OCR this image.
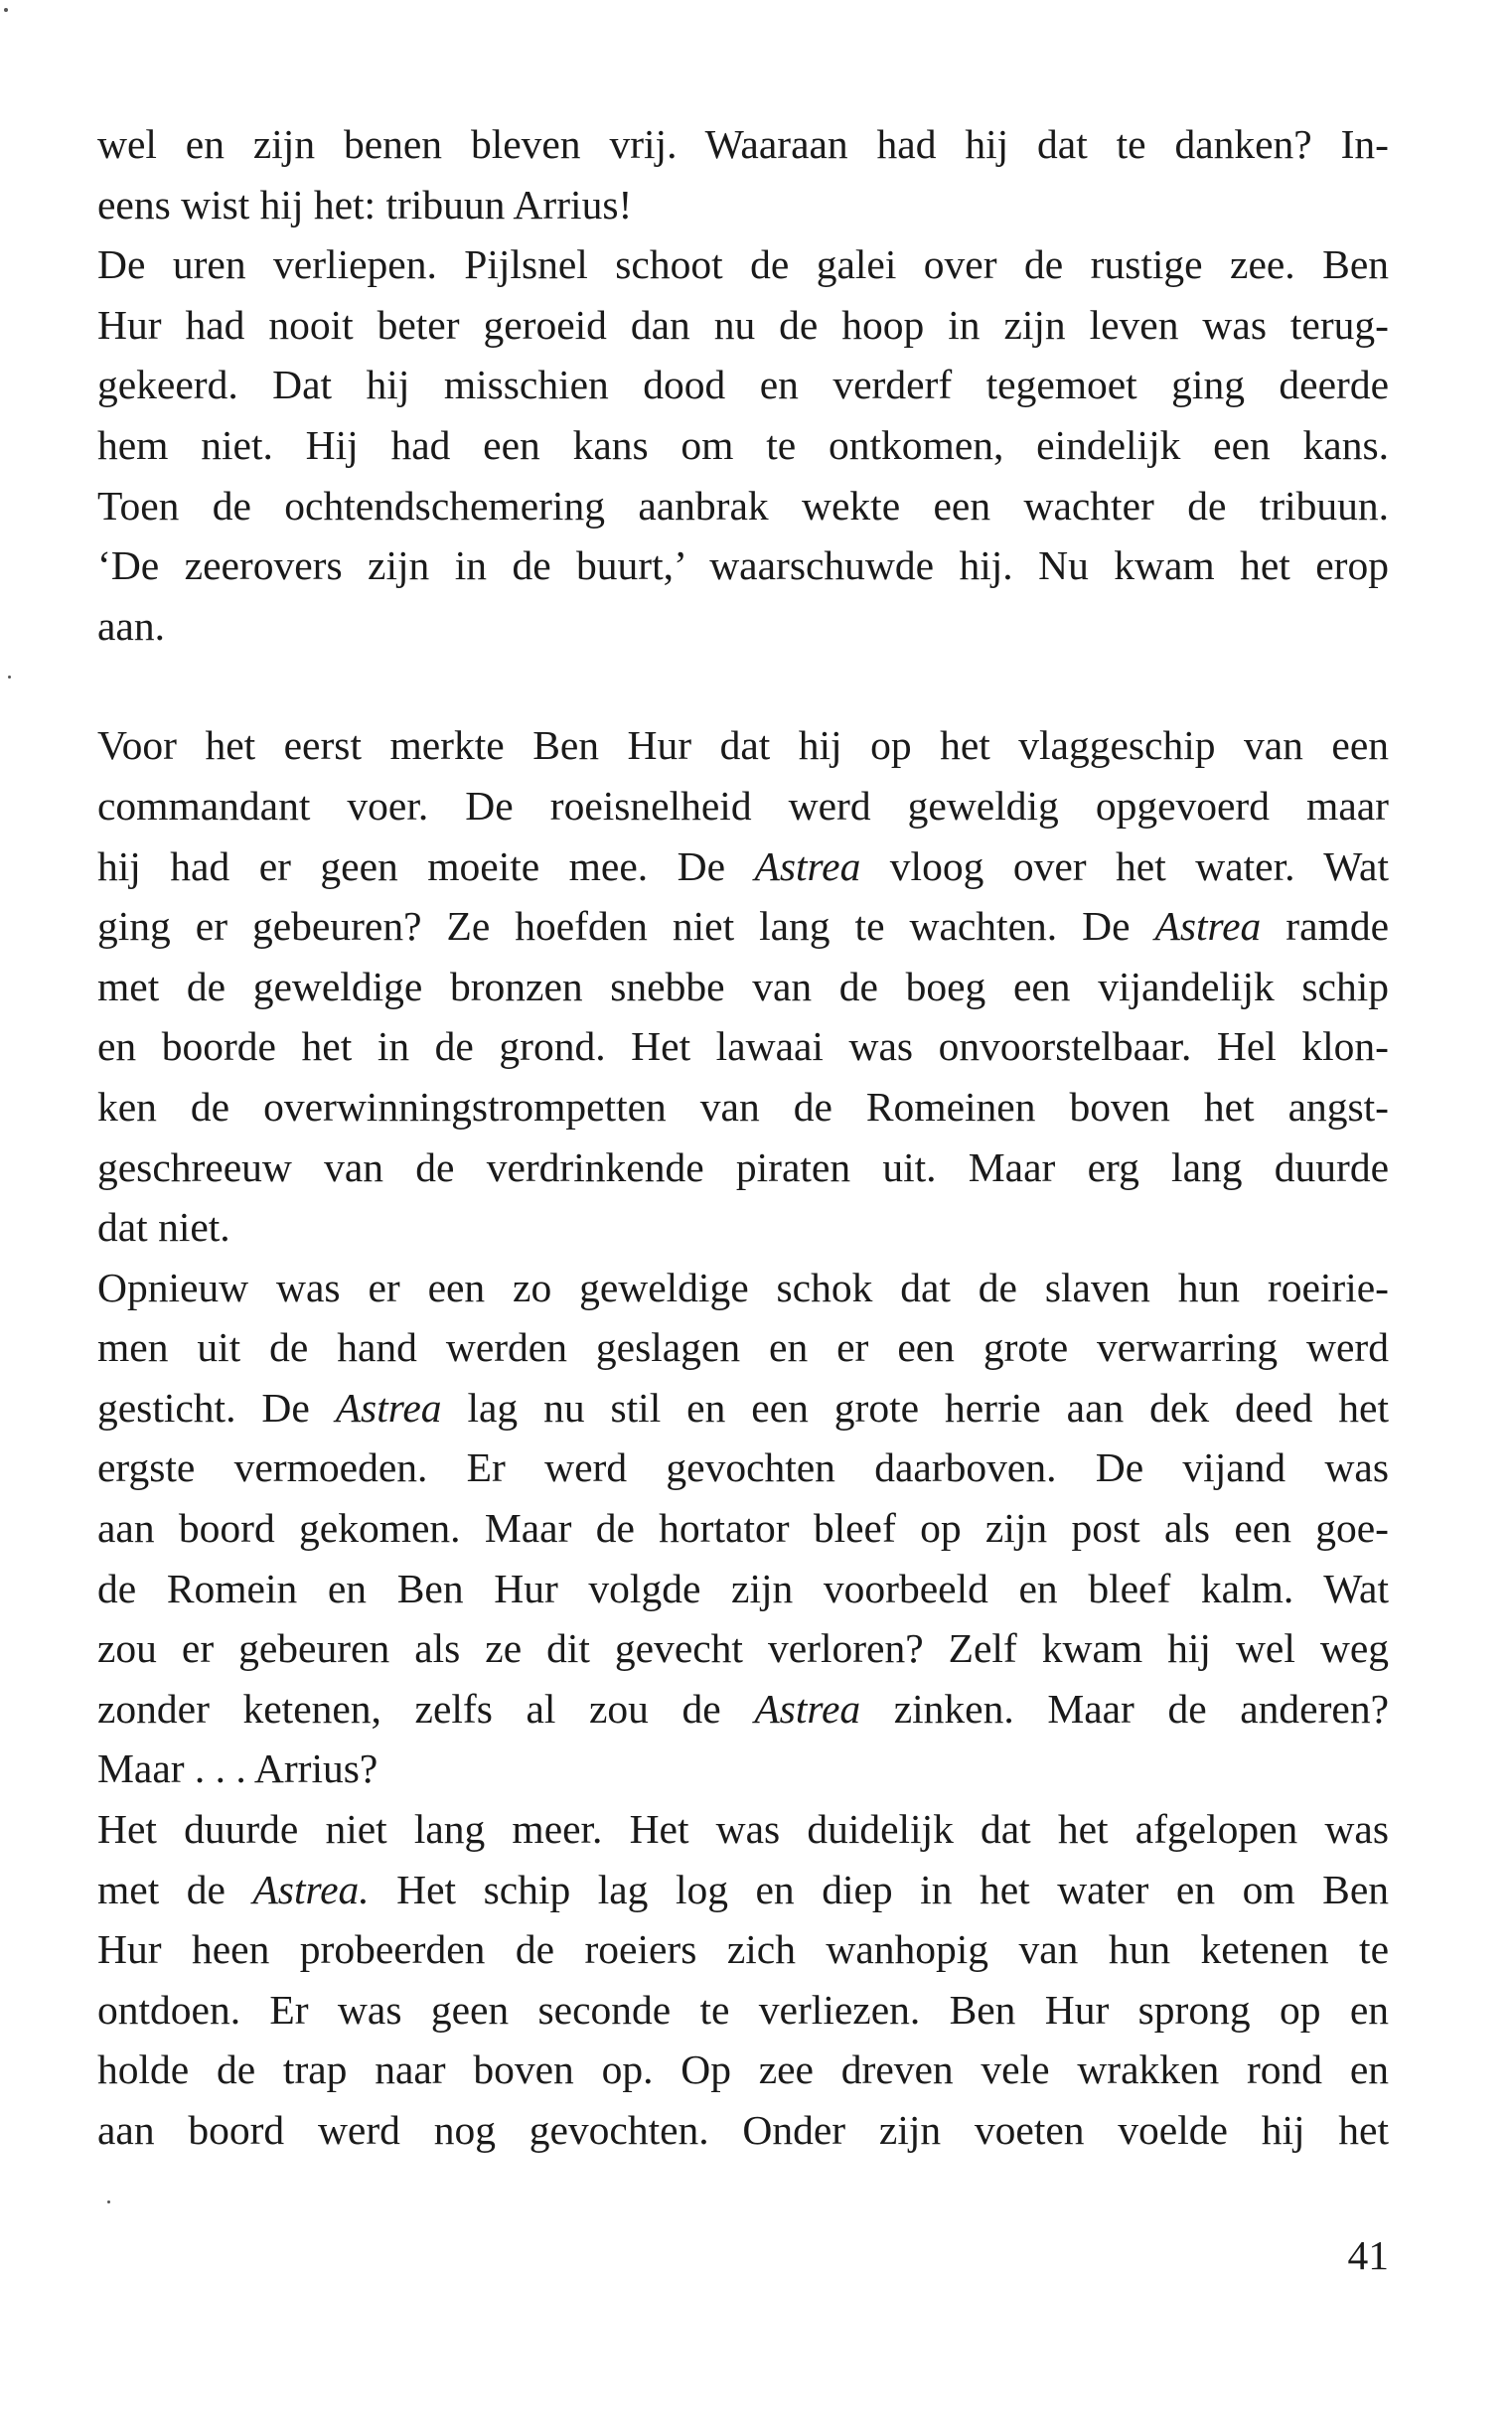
wel en zijn benen bleven vrij. Waaraan had hij dat te danken? In-
eens wist hij het: tribuun Arrius!
De uren verliepen. Pijlsnel schoot de galei over de rustige zee. Ben
Hur had nooit beter geroeid dan nu de hoop in zijn leven was terug-
gekeerd. Dat hij misschien dood en verderf tegemoet ging deerde
hem niet. Hij had een kans om te ontkomen, eindelijk een kans.
Toen de ochtendschemering aanbrak wekte een wachter de tribuun.
‘De zeerovers zijn in de buurt,’ waarschuwde hij. Nu kwam het erop
aan.
Voor het eerst merkte Ben Hur dat hij op het vlaggeschip van een
commandant voer. De roeisnelheid werd geweldig opgevoerd maar
hij had er geen moeite mee. De Astrea vloog over het water. Wat
ging er gebeuren? Ze hoefden niet lang te wachten. De Astrea ramde
met de geweldige bronzen snebbe van de boeg een vijandelijk schip
en boorde het in de grond. Het lawaai was onvoorstelbaar. Hel klon-
ken de overwinningstrompetten van de Romeinen boven het angst-
geschreeuw van de verdrinkende piraten uit. Maar erg lang duurde
dat niet.
Opnieuw was er een zo geweldige schok dat de slaven hun roeirie-
men uit de hand werden geslagen en er een grote verwarring werd
gesticht. De Astrea lag nu stil en een grote herrie aan dek deed het
ergste vermoeden. Er werd gevochten daarboven. De vijand was
aan boord gekomen. Maar de hortator bleef op zijn post als een goe-
de Romein en Ben Hur volgde zijn voorbeeld en bleef kalm. Wat
zou er gebeuren als ze dit gevecht verloren? Zelf kwam hij wel weg
zonder ketenen, zelfs al zou de Astrea zinken. Maar de anderen?
Maar . . . Arrius?
Het duurde niet lang meer. Het was duidelijk dat het afgelopen was
met de Astrea. Het schip lag log en diep in het water en om Ben
Hur heen probeerden de roeiers zich wanhopig van hun ketenen te
ontdoen. Er was geen seconde te verliezen. Ben Hur sprong op en
holde de trap naar boven op. Op zee dreven vele wrakken rond en
aan boord werd nog gevochten. Onder zijn voeten voelde hij het
41
